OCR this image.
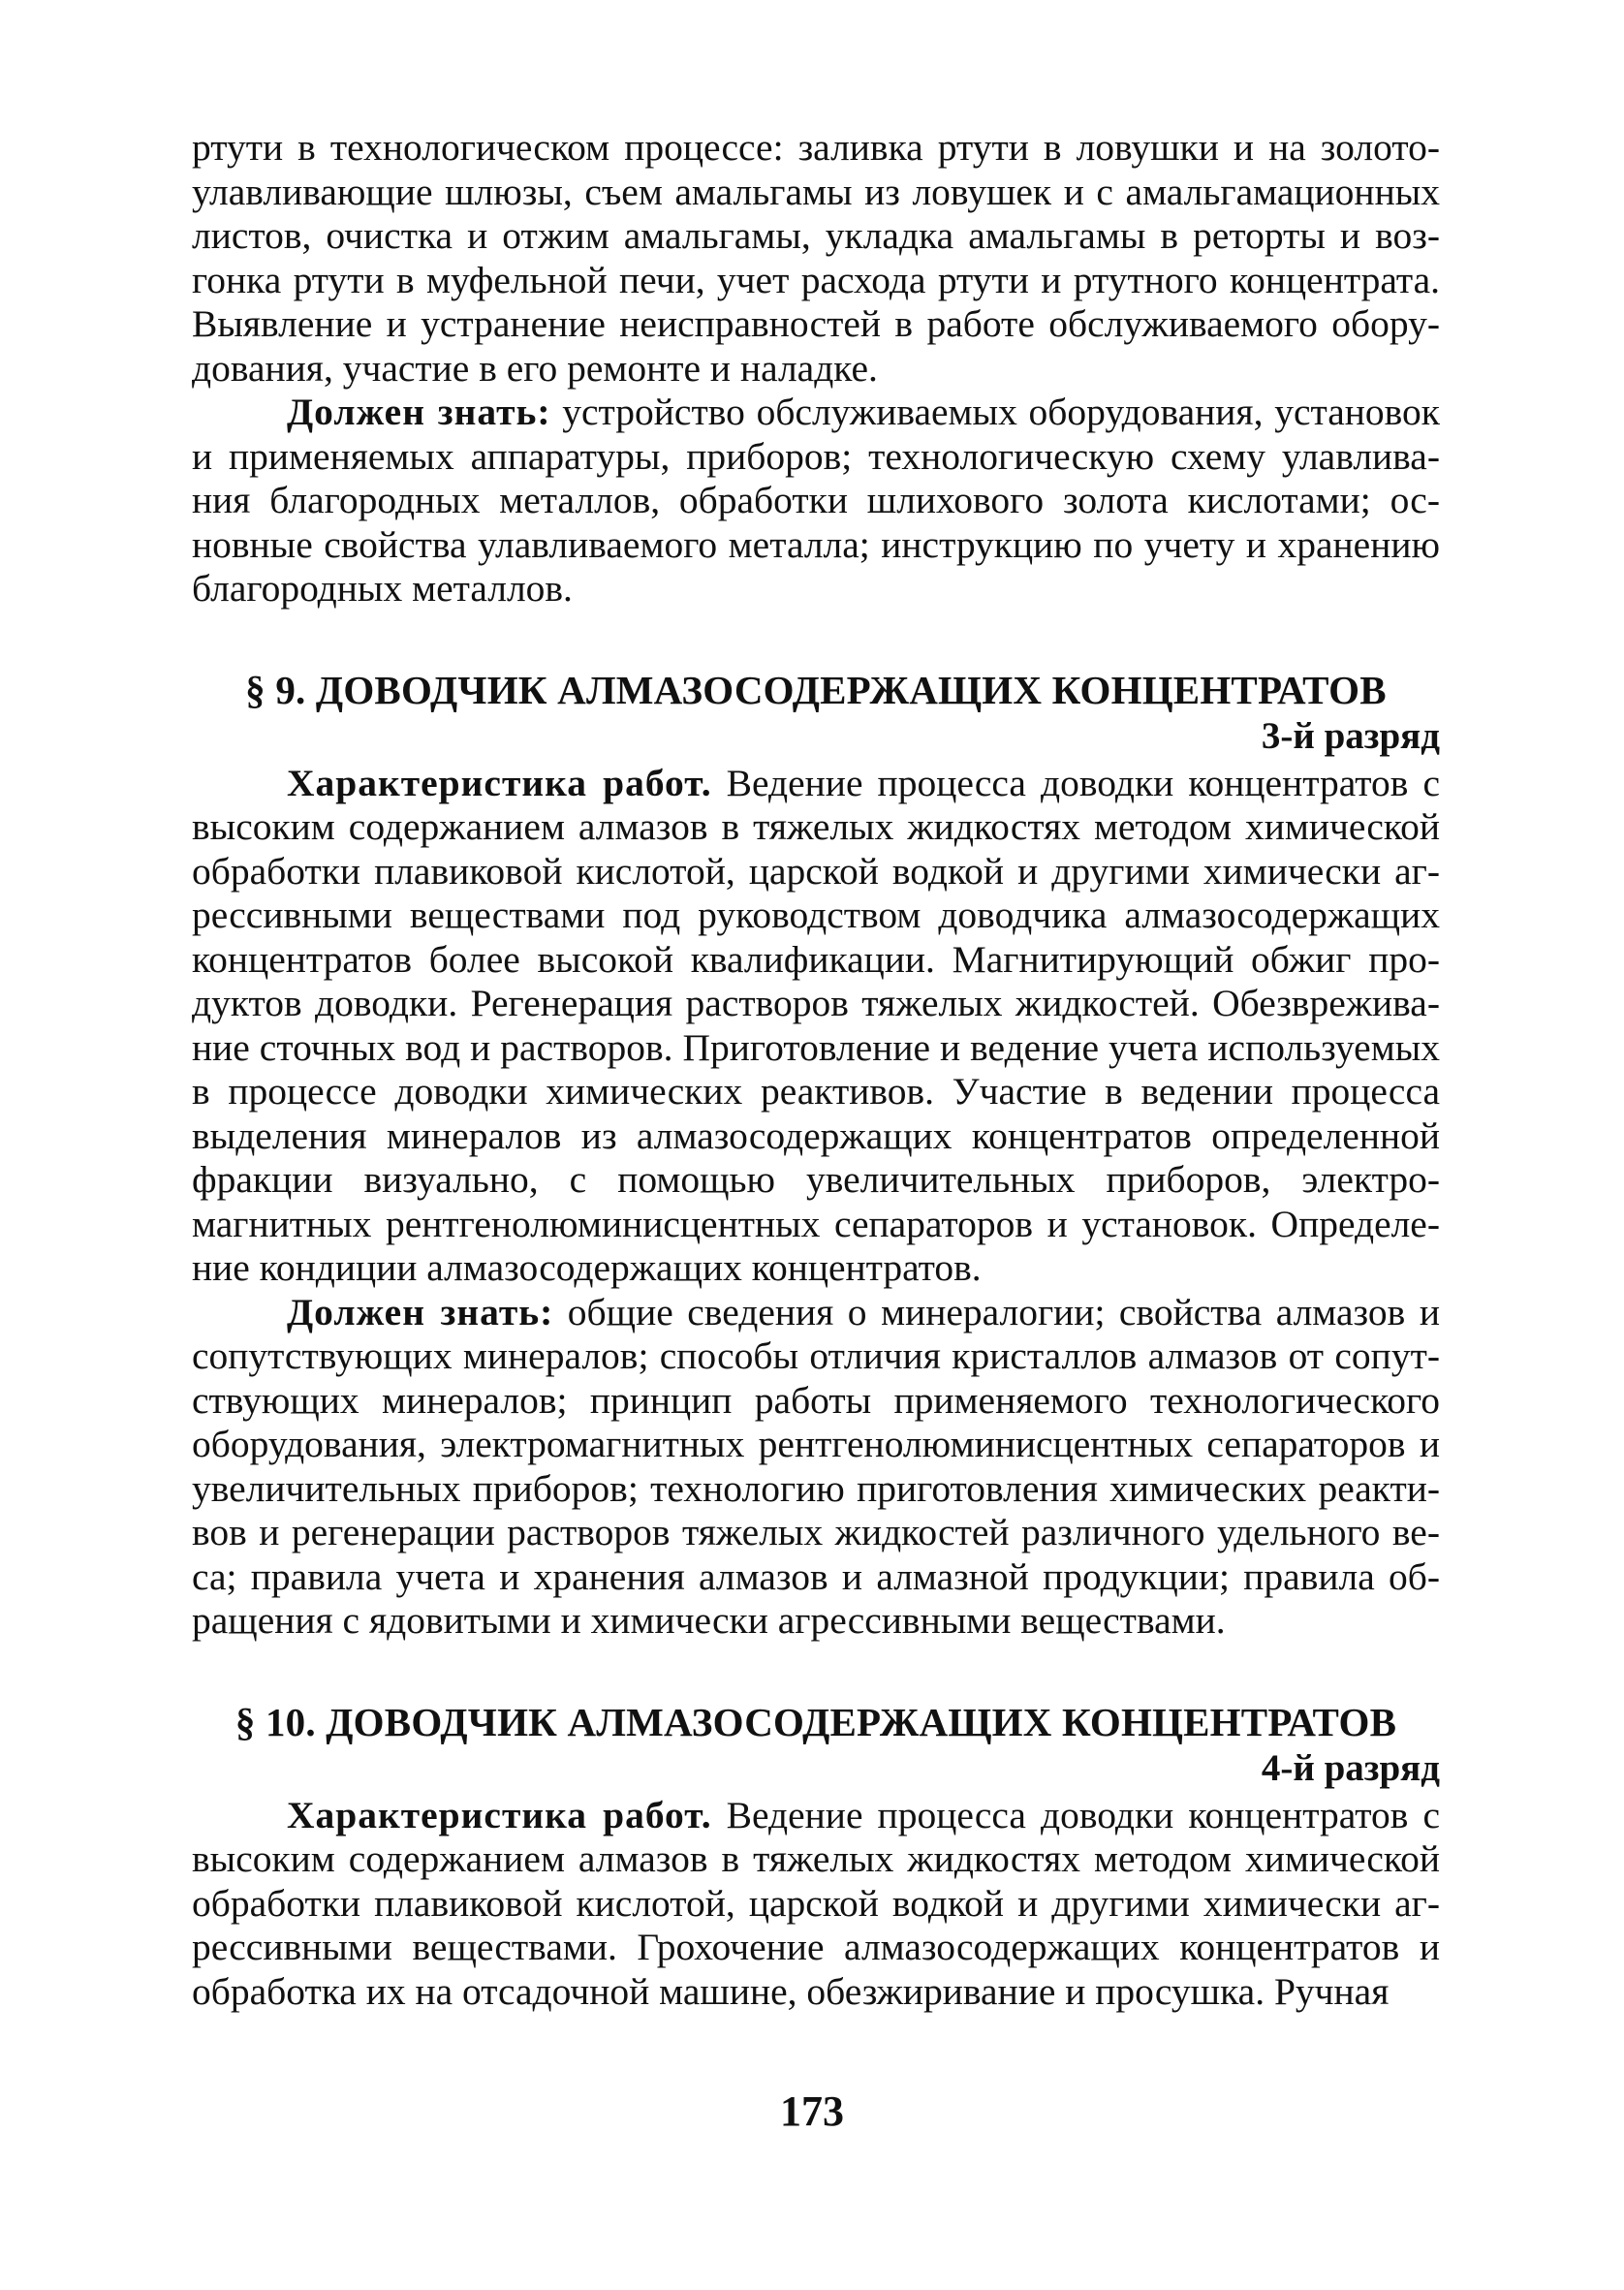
ртути в технологическом процессе: заливка ртути в ловушки и на золотоулавливающие шлюзы, съем амальгамы из ловушек и с амальгамационных листов, очистка и отжим амальгамы, укладка амальгамы в реторты и возгонка ртути в муфельной печи, учет расхода ртути и ртутного концентрата. Выявление и устранение неисправностей в работе обслуживаемого оборудования, участие в его ремонте и наладке.

Должен знать: устройство обслуживаемых оборудования, установок и применяемых аппаратуры, приборов; технологическую схему улавливания благородных металлов, обработки шлихового золота кислотами; основные свойства улавливаемого металла; инструкцию по учету и хранению благородных металлов.

§ 9. ДОВОДЧИК АЛМАЗОСОДЕРЖАЩИХ КОНЦЕНТРАТОВ
3-й разряд

Характеристика работ. Ведение процесса доводки концентратов с высоким содержанием алмазов в тяжелых жидкостях методом химической обработки плавиковой кислотой, царской водкой и другими химически агрессивными веществами под руководством доводчика алмазосодержащих концентратов более высокой квалификации. Магнитирующий обжиг продуктов доводки. Регенерация растворов тяжелых жидкостей. Обезвреживание сточных вод и растворов. Приготовление и ведение учета используемых в процессе доводки химических реактивов. Участие в ведении процесса выделения минералов из алмазосодержащих концентратов определенной фракции визуально, с помощью увеличительных приборов, электромагнитных рентгенолюминисцентных сепараторов и установок. Определение кондиции алмазосодержащих концентратов.

Должен знать: общие сведения о минералогии; свойства алмазов и сопутствующих минералов; способы отличия кристаллов алмазов от сопутствующих минералов; принцип работы применяемого технологического оборудования, электромагнитных рентгенолюминисцентных сепараторов и увеличительных приборов; технологию приготовления химических реактивов и регенерации растворов тяжелых жидкостей различного удельного веса; правила учета и хранения алмазов и алмазной продукции; правила обращения с ядовитыми и химически агрессивными веществами.

§ 10. ДОВОДЧИК АЛМАЗОСОДЕРЖАЩИХ КОНЦЕНТРАТОВ
4-й разряд

Характеристика работ. Ведение процесса доводки концентратов с высоким содержанием алмазов в тяжелых жидкостях методом химической обработки плавиковой кислотой, царской водкой и другими химически агрессивными веществами. Грохочение алмазосодержащих концентратов и обработка их на отсадочной машине, обезжиривание и просушка. Ручная

173
